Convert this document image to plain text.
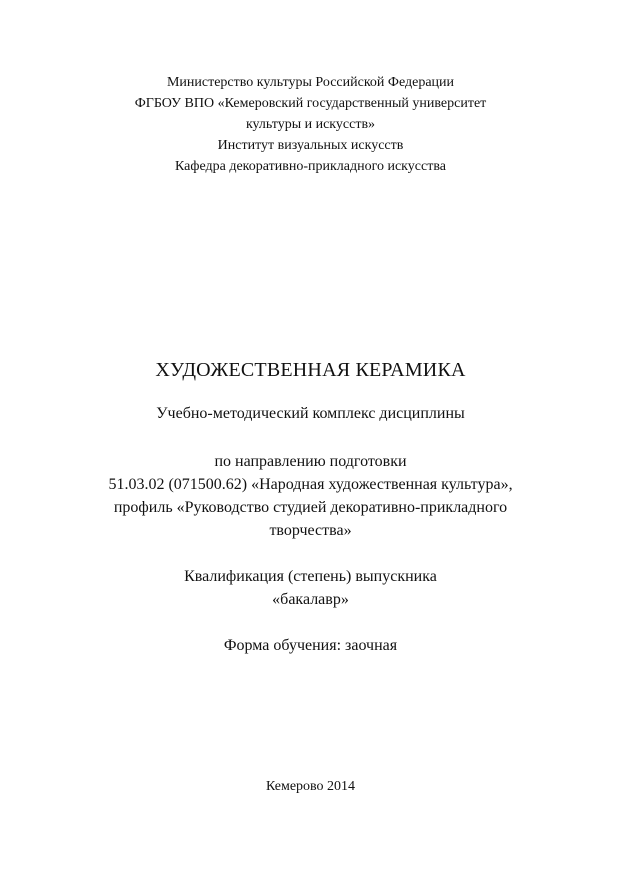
Министерство культуры Российской Федерации
ФГБОУ ВПО «Кемеровский государственный университет
культуры и искусств»
Институт визуальных искусств
Кафедра декоративно-прикладного искусства
ХУДОЖЕСТВЕННАЯ КЕРАМИКА
Учебно-методический комплекс дисциплины
по направлению подготовки
51.03.02 (071500.62) «Народная художественная культура»,
профиль «Руководство студией декоративно-прикладного
творчества»
Квалификация (степень) выпускника
«бакалавр»
Форма обучения: заочная
Кемерово 2014
